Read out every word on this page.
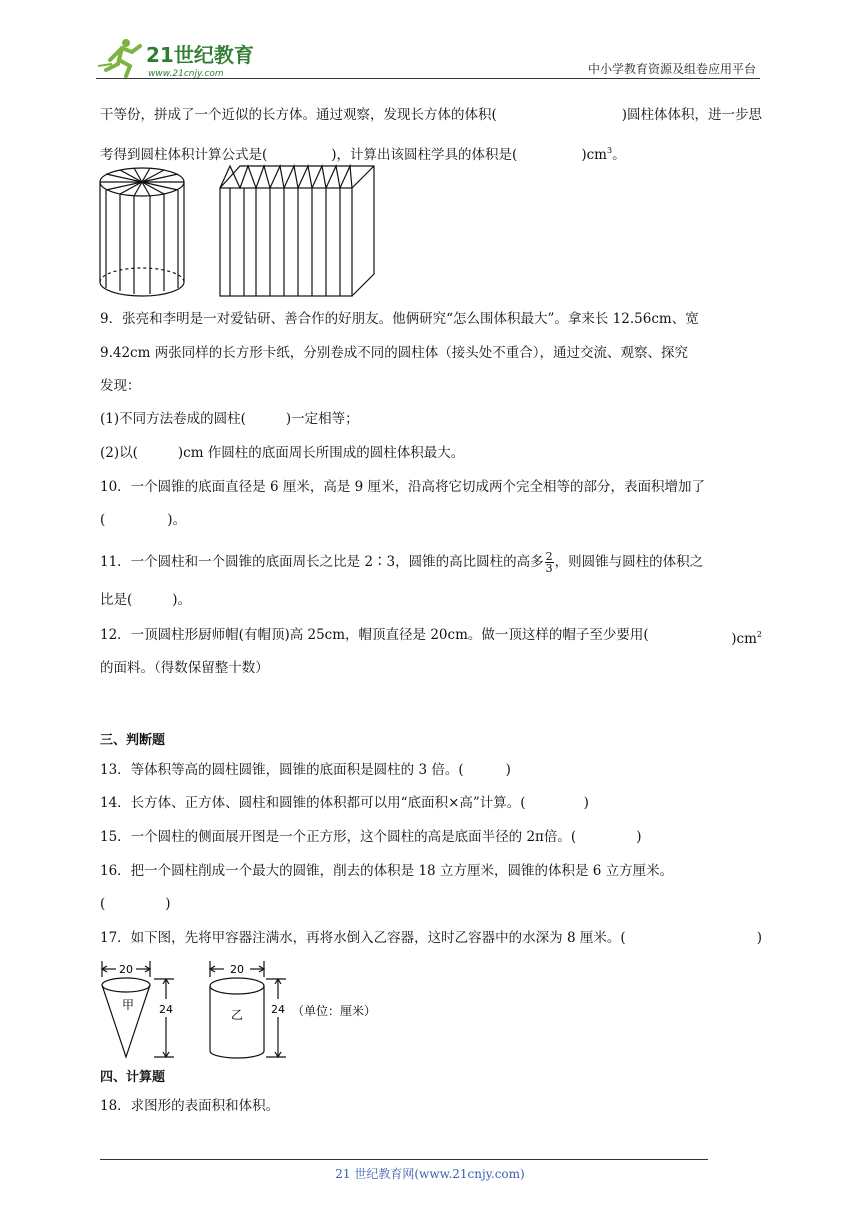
21世纪教育
www.21cnjy.com	中小学教育资源及组卷应用平台
干等份，拼成了一个近似的长方体。通过观察，发现长方体的体积(	)圆柱体体积，进一步思
考得到圆柱体积计算公式是(	)，计算出该圆柱学具的体积是(	)$cm^3$。
9．张亮和李明是一对爱钻研、善合作的好朋友。他俩研究“怎么围体积最大”。拿来长 12.56cm、宽
9.42cm 两张同样的长方形卡纸，分别卷成不同的圆柱体（接头处不重合），通过交流、观察、探究
发现：
(1)不同方法卷成的圆柱(	)一定相等；
(2)以(	)cm 作圆柱的底面周长所围成的圆柱体积最大。
10．一个圆锥的底面直径是 6 厘米，高是 9 厘米，沿高将它切成两个完全相等的部分，表面积增加了
(	)。
11．一个圆柱和一个圆锥的底面周长之比是 2∶3，圆锥的高比圆柱的高多 $\frac{2}{3}$ ，则圆锥与圆柱的体积之
比是(	)。
12．一顶圆柱形厨师帽(有帽顶)高 25cm，帽顶直径是 20cm。做一顶这样的帽子至少要用(	)$cm^2$
的面料。（得数保留整十数）
三、判断题
13．等体积等高的圆柱圆锥，圆锥的底面积是圆柱的 3 倍。(	)
14．长方体、正方体、圆柱和圆锥的体积都可以用“底面积×高”计算。(	)
15．一个圆柱的侧面展开图是一个正方形，这个圆柱的高是底面半径的 2π倍。(	)
16．把一个圆柱削成一个最大的圆锥，削去的体积是 18 立方厘米，圆锥的体积是 6 立方厘米。
(	)
17．如下图，先将甲容器注满水，再将水倒入乙容器，这时乙容器中的水深为 8 厘米。(	)
20
甲 24
20
乙	24 （单位：厘米）
四、计算题
18．求图形的表面积和体积。
21 世纪教育网(www.21cnjy.com)
